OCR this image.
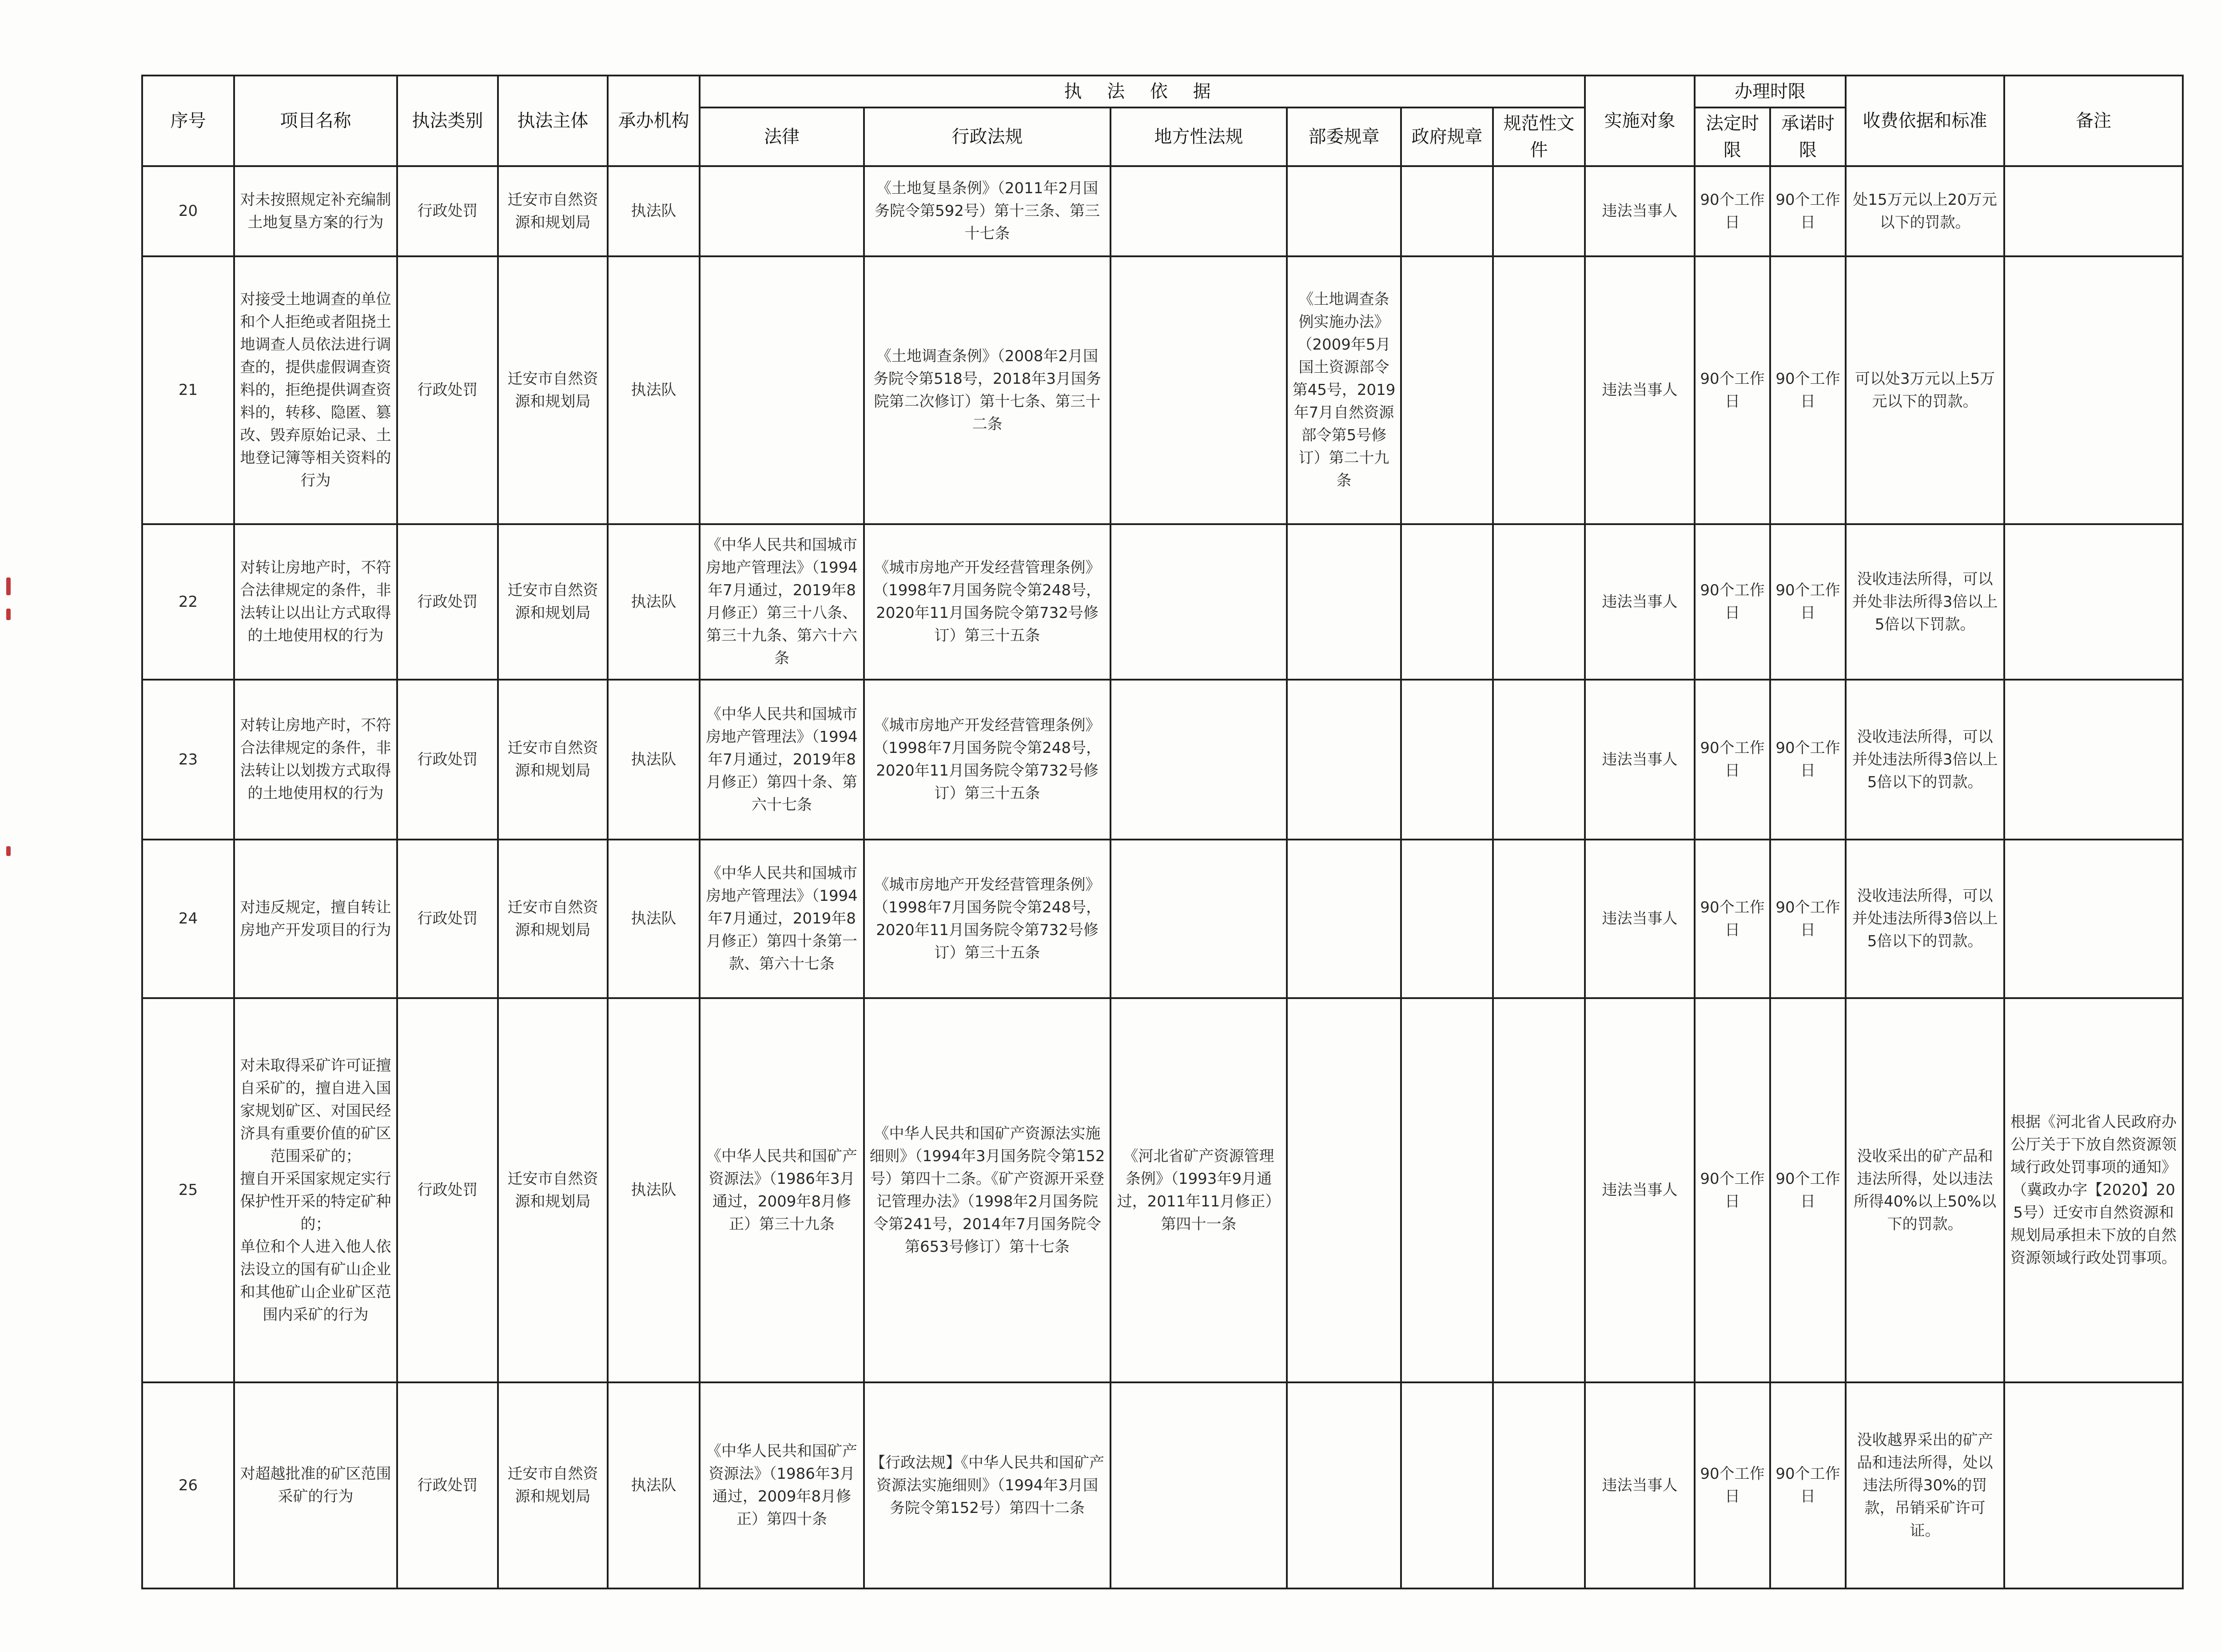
序号	项目名称	执法类别	执法主体	承办机构	执 法 依 据						实施对象	办理时限		收费依据和标准	备注
					法律	行政法规	地方性法规	部委规章	政府规章	规范性文件		法定时限	承诺时限		
20	对未按照规定补充编制土地复垦方案的行为	行政处罚	迁安市自然资源和规划局	执法队		《土地复垦条例》（2011年2月国务院令第592号）第十三条、第三十七条					违法当事人	90个工作日	90个工作日	处15万元以上20万元以下的罚款。	
21	对接受土地调查的单位和个人拒绝或者阻挠土地调查人员依法进行调查的，提供虚假调查资料的，拒绝提供调查资料的，转移、隐匿、篡改、毁弃原始记录、土地登记簿等相关资料的行为	行政处罚	迁安市自然资源和规划局	执法队		《土地调查条例》（2008年2月国务院令第518号，2018年3月国务院第二次修订）第十七条、第三十二条		《土地调查条例实施办法》（2009年5月国土资源部令第45号，2019年7月自然资源部令第5号修订）第二十九条			违法当事人	90个工作日	90个工作日	可以处3万元以上5万元以下的罚款。	
22	对转让房地产时，不符合法律规定的条件，非法转让以出让方式取得的土地使用权的行为	行政处罚	迁安市自然资源和规划局	执法队	《中华人民共和国城市房地产管理法》（1994年7月通过，2019年8月修正）第三十八条、第三十九条、第六十六条	《城市房地产开发经营管理条例》（1998年7月国务院令第248号，2020年11月国务院令第732号修订）第三十五条					违法当事人	90个工作日	90个工作日	没收违法所得，可以并处非法所得3倍以上5倍以下罚款。	
23	对转让房地产时，不符合法律规定的条件，非法转让以划拨方式取得的土地使用权的行为	行政处罚	迁安市自然资源和规划局	执法队	《中华人民共和国城市房地产管理法》（1994年7月通过，2019年8月修正）第四十条、第六十七条	《城市房地产开发经营管理条例》（1998年7月国务院令第248号，2020年11月国务院令第732号修订）第三十五条					违法当事人	90个工作日	90个工作日	没收违法所得，可以并处违法所得3倍以上5倍以下的罚款。	
24	对违反规定，擅自转让房地产开发项目的行为	行政处罚	迁安市自然资源和规划局	执法队	《中华人民共和国城市房地产管理法》（1994年7月通过，2019年8月修正）第四十条第一款、第六十七条	《城市房地产开发经营管理条例》（1998年7月国务院令第248号，2020年11月国务院令第732号修订）第三十五条					违法当事人	90个工作日	90个工作日	没收违法所得，可以并处违法所得3倍以上5倍以下的罚款。	
25	对未取得采矿许可证擅自采矿的，擅自进入国家规划矿区、对国民经济具有重要价值的矿区范围采矿的；
擅自开采国家规定实行保护性开采的特定矿种的；
单位和个人进入他人依法设立的国有矿山企业和其他矿山企业矿区范围内采矿的行为	行政处罚	迁安市自然资源和规划局	执法队	《中华人民共和国矿产资源法》（1986年3月通过，2009年8月修正）第三十九条	《中华人民共和国矿产资源法实施细则》（1994年3月国务院令第152号）第四十二条。《矿产资源开采登记管理办法》（1998年2月国务院令第241号，2014年7月国务院令第653号修订）第十七条	《河北省矿产资源管理条例》（1993年9月通过，2011年11月修正）第四十一条				违法当事人	90个工作日	90个工作日	没收采出的矿产品和违法所得，处以违法所得40%以上50%以下的罚款。	根据《河北省人民政府办公厅关于下放自然资源领域行政处罚事项的通知》（冀政办字【2020】205号）迁安市自然资源和规划局承担未下放的自然资源领域行政处罚事项。
26	对超越批准的矿区范围采矿的行为	行政处罚	迁安市自然资源和规划局	执法队	《中华人民共和国矿产资源法》（1986年3月通过，2009年8月修正）第四十条	【行政法规】《中华人民共和国矿产资源法实施细则》（1994年3月国务院令第152号）第四十二条					违法当事人	90个工作日	90个工作日	没收越界采出的矿产品和违法所得，处以违法所得30%的罚款，吊销采矿许可证。	
